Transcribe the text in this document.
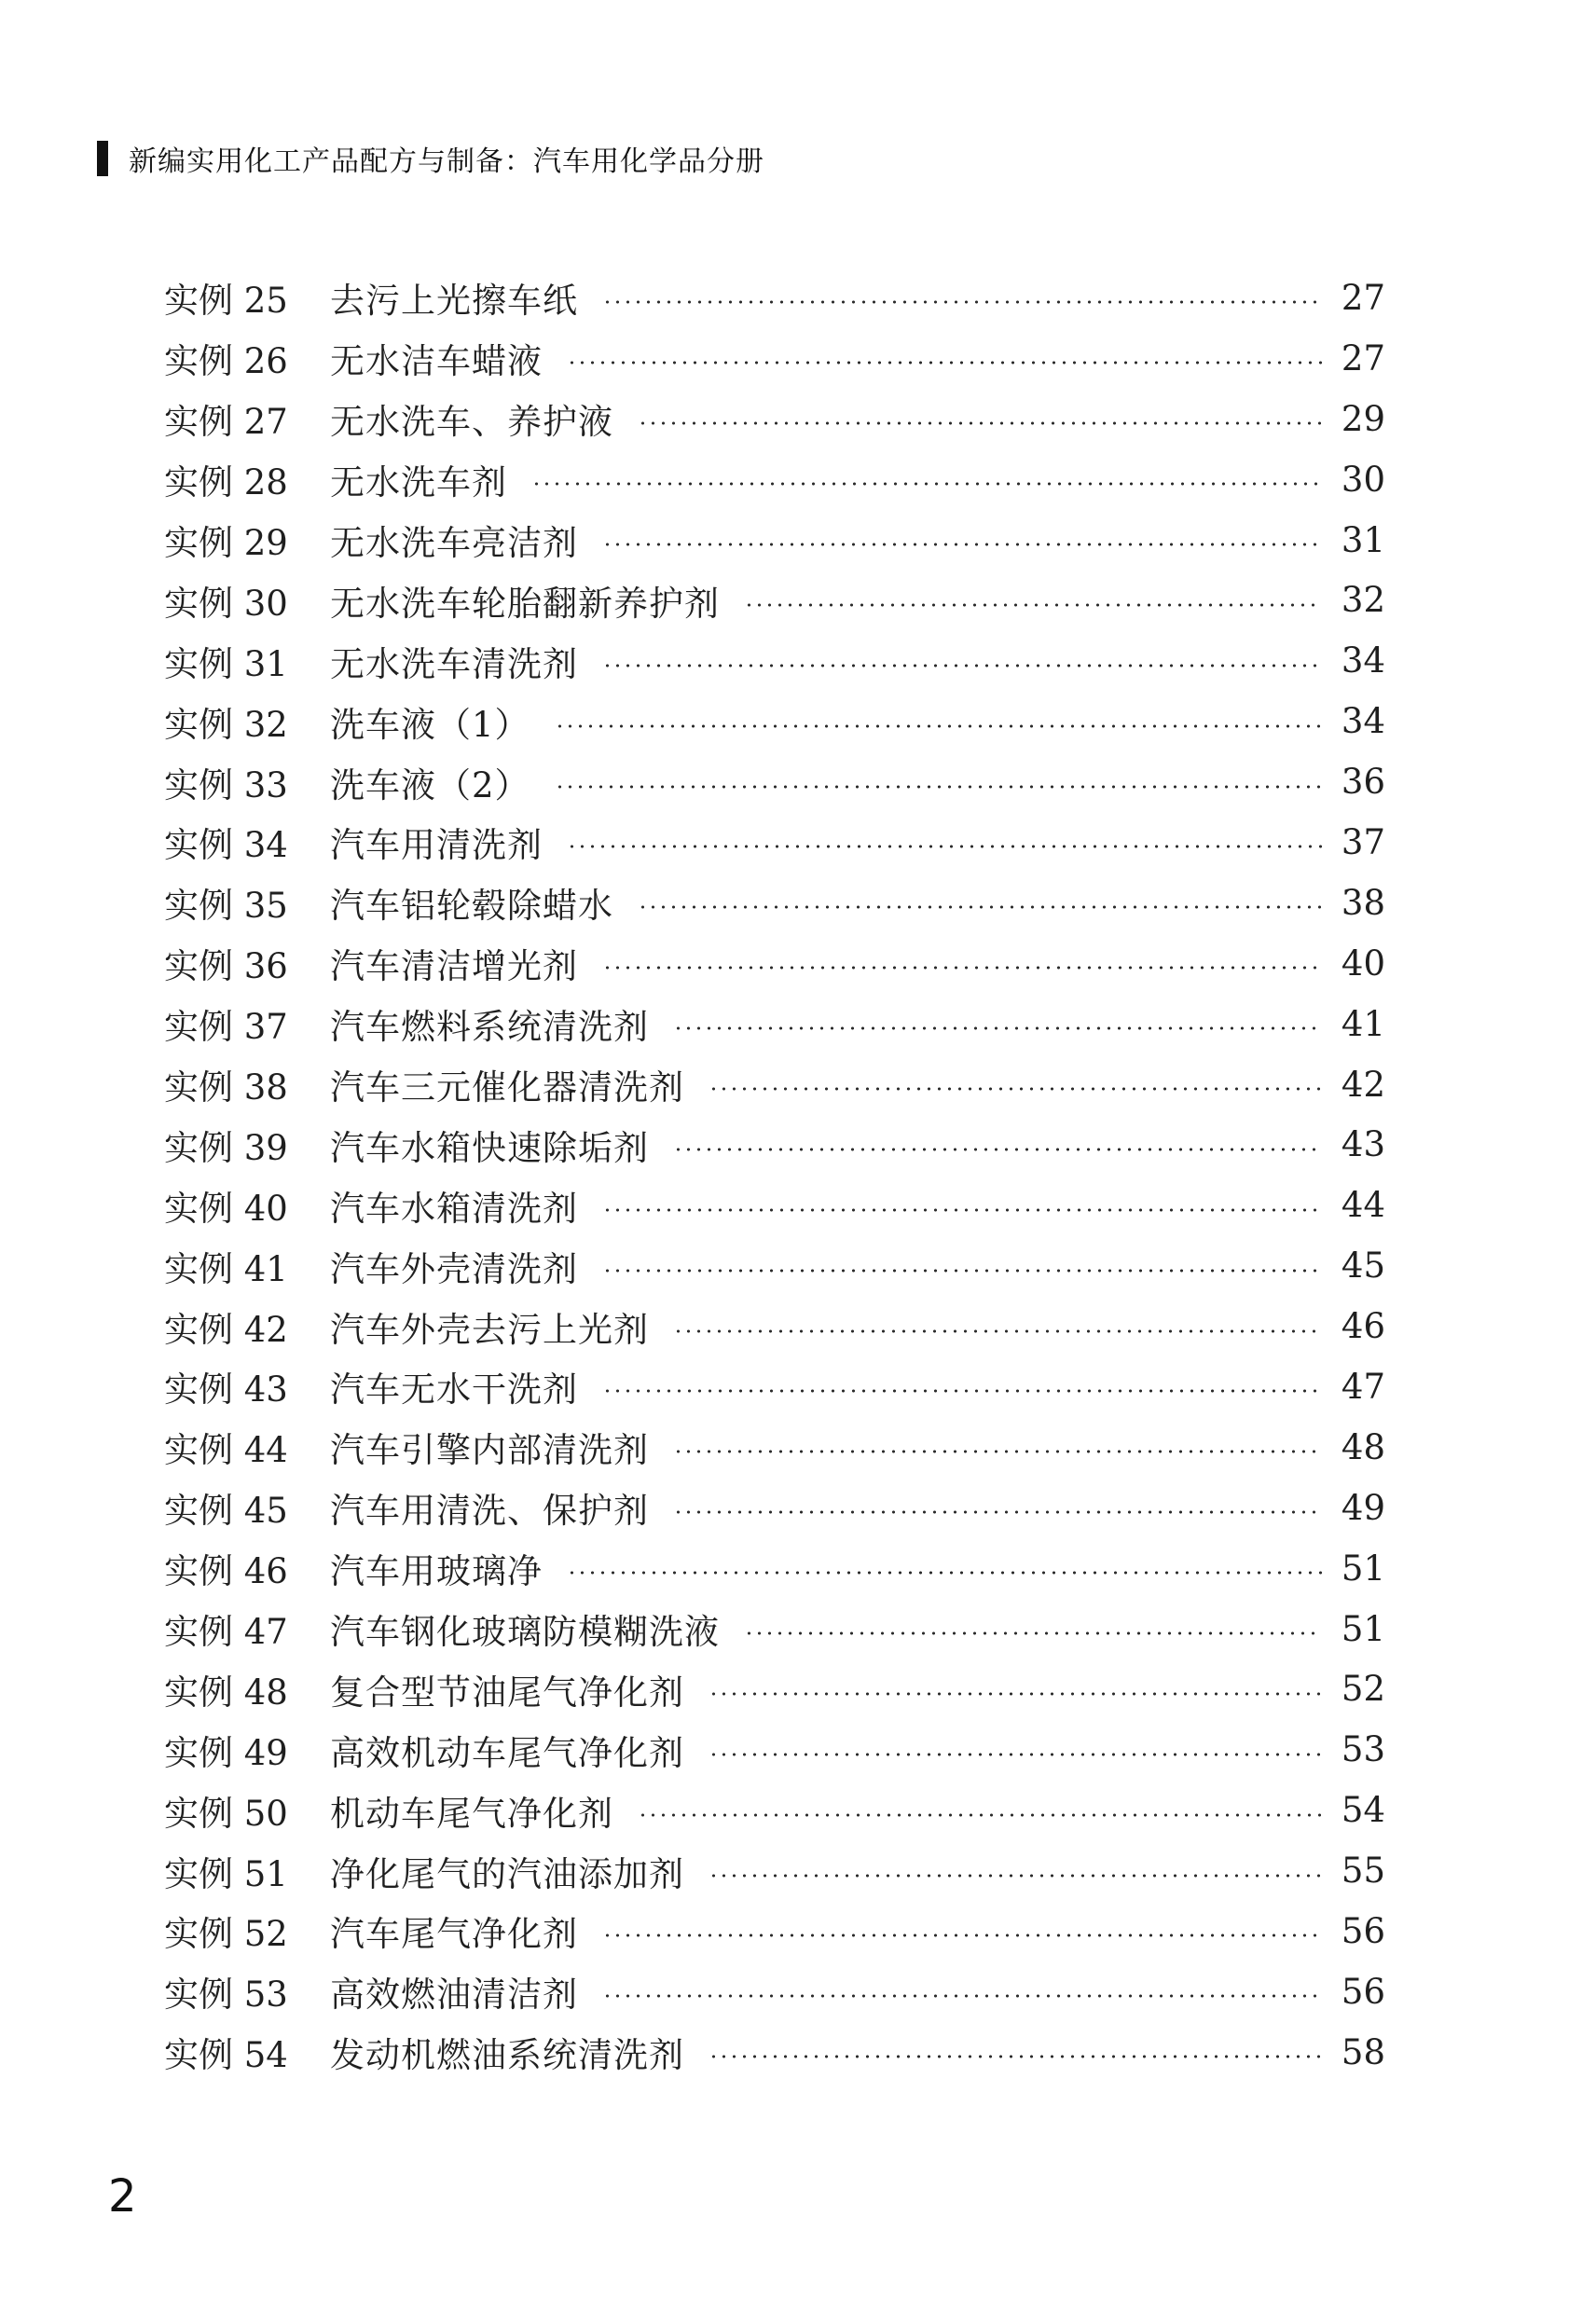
新编实用化工产品配方与制备：汽车用化学品分册
实例 25	去污上光擦车纸	27
实例 26	无水洁车蜡液	27
实例 27	无水洗车、养护液	29
实例 28	无水洗车剂	30
实例 29	无水洗车亮洁剂	31
实例 30	无水洗车轮胎翻新养护剂	32
实例 31	无水洗车清洗剂	34
实例 32	洗车液（1）	34
实例 33	洗车液（2）	36
实例 34	汽车用清洗剂	37
实例 35	汽车铝轮毂除蜡水	38
实例 36	汽车清洁增光剂	40
实例 37	汽车燃料系统清洗剂	41
实例 38	汽车三元催化器清洗剂	42
实例 39	汽车水箱快速除垢剂	43
实例 40	汽车水箱清洗剂	44
实例 41	汽车外壳清洗剂	45
实例 42	汽车外壳去污上光剂	46
实例 43	汽车无水干洗剂	47
实例 44	汽车引擎内部清洗剂	48
实例 45	汽车用清洗、保护剂	49
实例 46	汽车用玻璃净	51
实例 47	汽车钢化玻璃防模糊洗液	51
实例 48	复合型节油尾气净化剂	52
实例 49	高效机动车尾气净化剂	53
实例 50	机动车尾气净化剂	54
实例 51	净化尾气的汽油添加剂	55
实例 52	汽车尾气净化剂	56
实例 53	高效燃油清洁剂	56
实例 54	发动机燃油系统清洗剂	58
2
